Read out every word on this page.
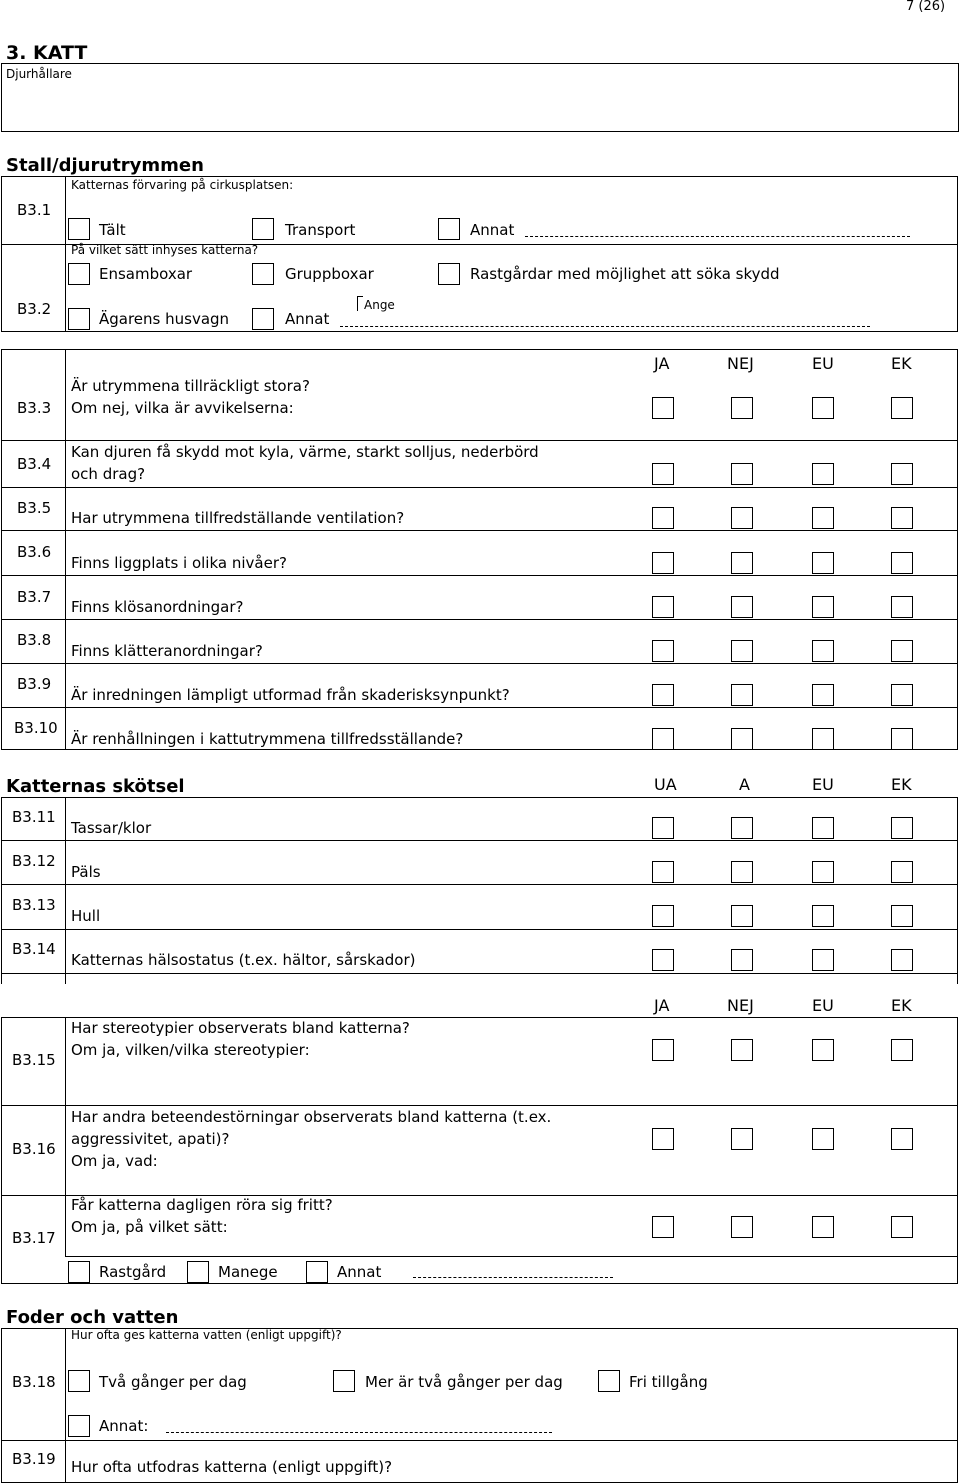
7 (26)
3. KATT
Djurhållare
Stall/djurutrymmen
B3.1
Katternas förvaring på cirkusplatsen:
Tält	Transport	Annat
På vilket sätt inhyses katterna?
B3.2
Ensamboxar	Gruppboxar	Rastgårdar med möjlighet att söka skydd
Ägarens husvagn	Annat
Ange
JA	NEJ	EU	EK
B3.3
Är utrymmena tillräckligt stora?
Om nej, vilka är avvikelserna:
B3.4
Kan djuren få skydd mot kyla, värme, starkt solljus, nederbörd
och drag?
B3.5
Har utrymmena tillfredställande ventilation?
B3.6
Finns liggplats i olika nivåer?
B3.7
Finns klösanordningar?
B3.8
Finns klätteranordningar?
B3.9
Är inredningen lämpligt utformad från skaderisksynpunkt?
B3.10
Är renhållningen i kattutrymmena tillfredsställande?
Katternas skötsel	UA	A	EU	EK
B3.11
Tassar/klor
B3.12
Päls
B3.13
Hull
B3.14
Katternas hälsostatus (t.ex. hältor, sårskador)
JA	NEJ	EU	EK
B3.15
Har stereotypier observerats bland katterna?
Om ja, vilken/vilka stereotypier:
B3.16
Har andra beteendestörningar observerats bland katterna (t.ex.
aggressivitet, apati)?
Om ja, vad:
B3.17
Får katterna dagligen röra sig fritt?
Om ja, på vilket sätt:
Rastgård	Manege	Annat
Foder och vatten
Hur ofta ges katterna vatten (enligt uppgift)?
B3.18	Två gånger per dag	Mer är två gånger per dag	Fri tillgång
Annat:
B3.19 Hur ofta utfodras katterna (enligt uppgift)?
